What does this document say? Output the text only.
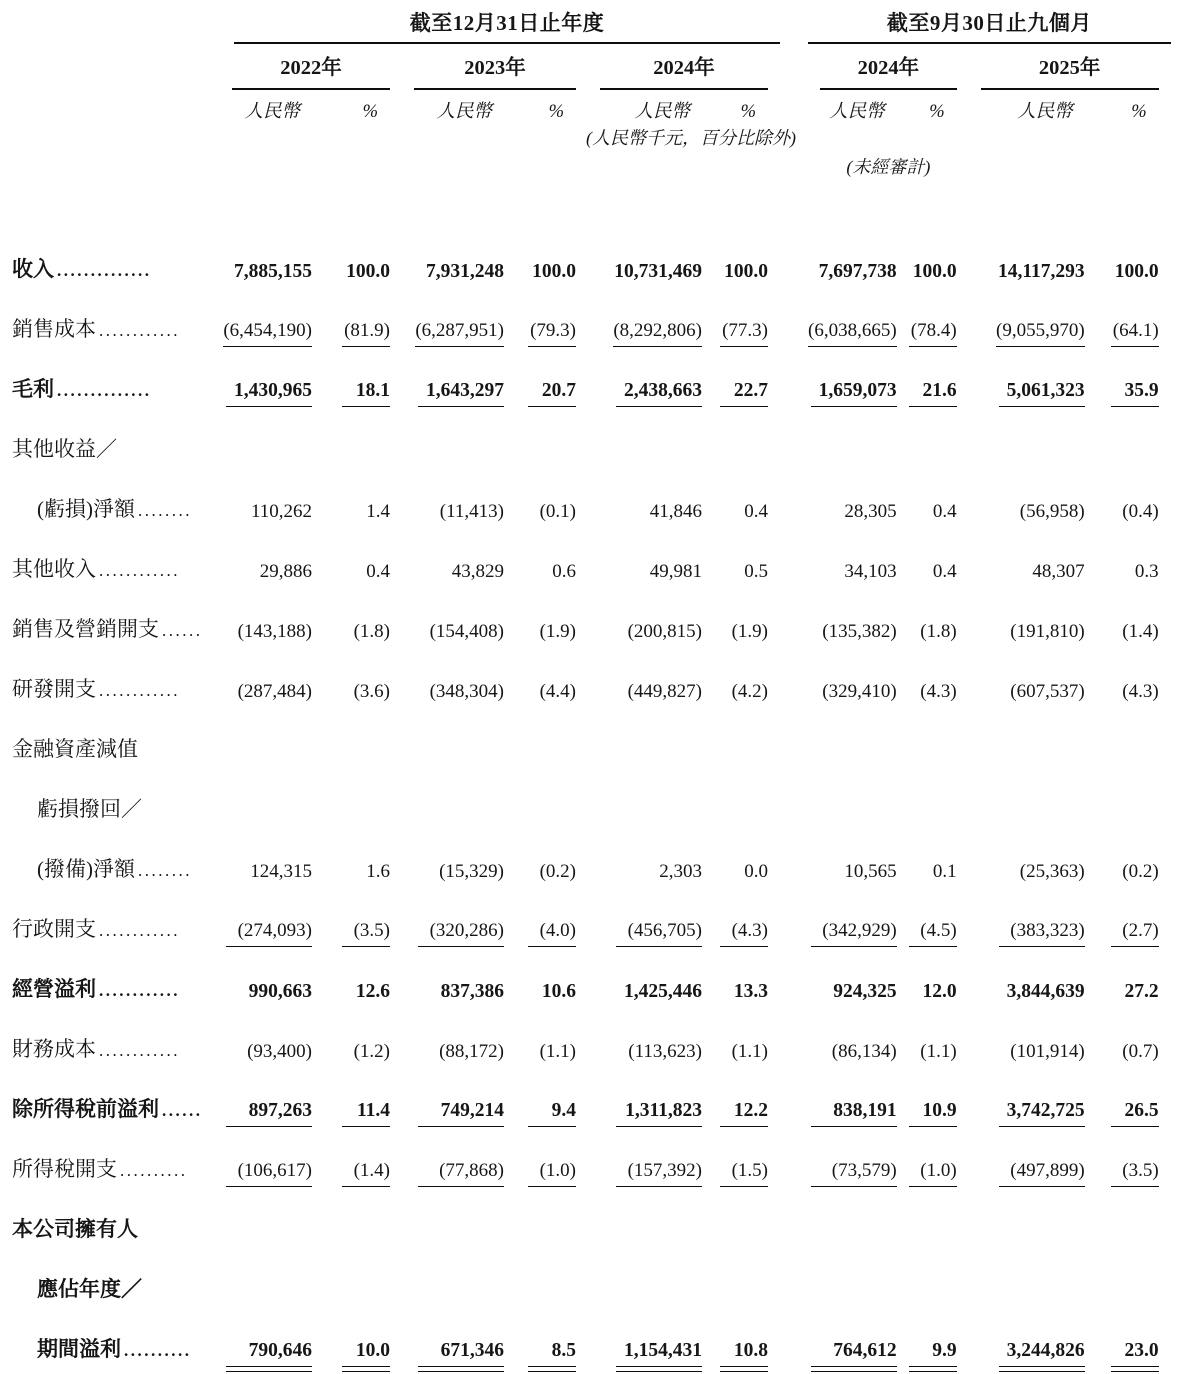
	截至12月31日止年度							截至9月30日止九個月			

	2022年		2023年		2024年			2024年		2025年	

	人民幣	%	人民幣	%	人民幣	%		人民幣	%	人民幣	%
(人民幣千元，百分比除外)											
								(未經審計)			

收入 ..............	7,885,155	100.0	7,931,248	100.0	10,731,469	100.0		7,697,738	100.0	14,117,293	100.0
銷售成本 ............	(6,454,190)	(81.9)	(6,287,951)	(79.3)	(8,292,806)	(77.3)		(6,038,665)	(78.4)	(9,055,970)	(64.1)
毛利 ..............	1,430,965	18.1	1,643,297	20.7	2,438,663	22.7		1,659,073	21.6	5,061,323	35.9
其他收益／											
(虧損)淨額 ........	110,262	1.4	(11,413)	(0.1)	41,846	0.4		28,305	0.4	(56,958)	(0.4)
其他收入 ............	29,886	0.4	43,829	0.6	49,981	0.5		34,103	0.4	48,307	0.3
銷售及營銷開支 ......	(143,188)	(1.8)	(154,408)	(1.9)	(200,815)	(1.9)		(135,382)	(1.8)	(191,810)	(1.4)
研發開支 ............	(287,484)	(3.6)	(348,304)	(4.4)	(449,827)	(4.2)		(329,410)	(4.3)	(607,537)	(4.3)
金融資產減值											
虧損撥回／											
(撥備)淨額 ........	124,315	1.6	(15,329)	(0.2)	2,303	0.0		10,565	0.1	(25,363)	(0.2)
行政開支 ............	(274,093)	(3.5)	(320,286)	(4.0)	(456,705)	(4.3)		(342,929)	(4.5)	(383,323)	(2.7)
經營溢利 ............	990,663	12.6	837,386	10.6	1,425,446	13.3		924,325	12.0	3,844,639	27.2
財務成本 ............	(93,400)	(1.2)	(88,172)	(1.1)	(113,623)	(1.1)		(86,134)	(1.1)	(101,914)	(0.7)
除所得稅前溢利 ......	897,263	11.4	749,214	9.4	1,311,823	12.2		838,191	10.9	3,742,725	26.5
所得稅開支 ..........	(106,617)	(1.4)	(77,868)	(1.0)	(157,392)	(1.5)		(73,579)	(1.0)	(497,899)	(3.5)
本公司擁有人											
應佔年度／											
期間溢利 ..........	790,646	10.0	671,346	8.5	1,154,431	10.8		764,612	9.9	3,244,826	23.0
